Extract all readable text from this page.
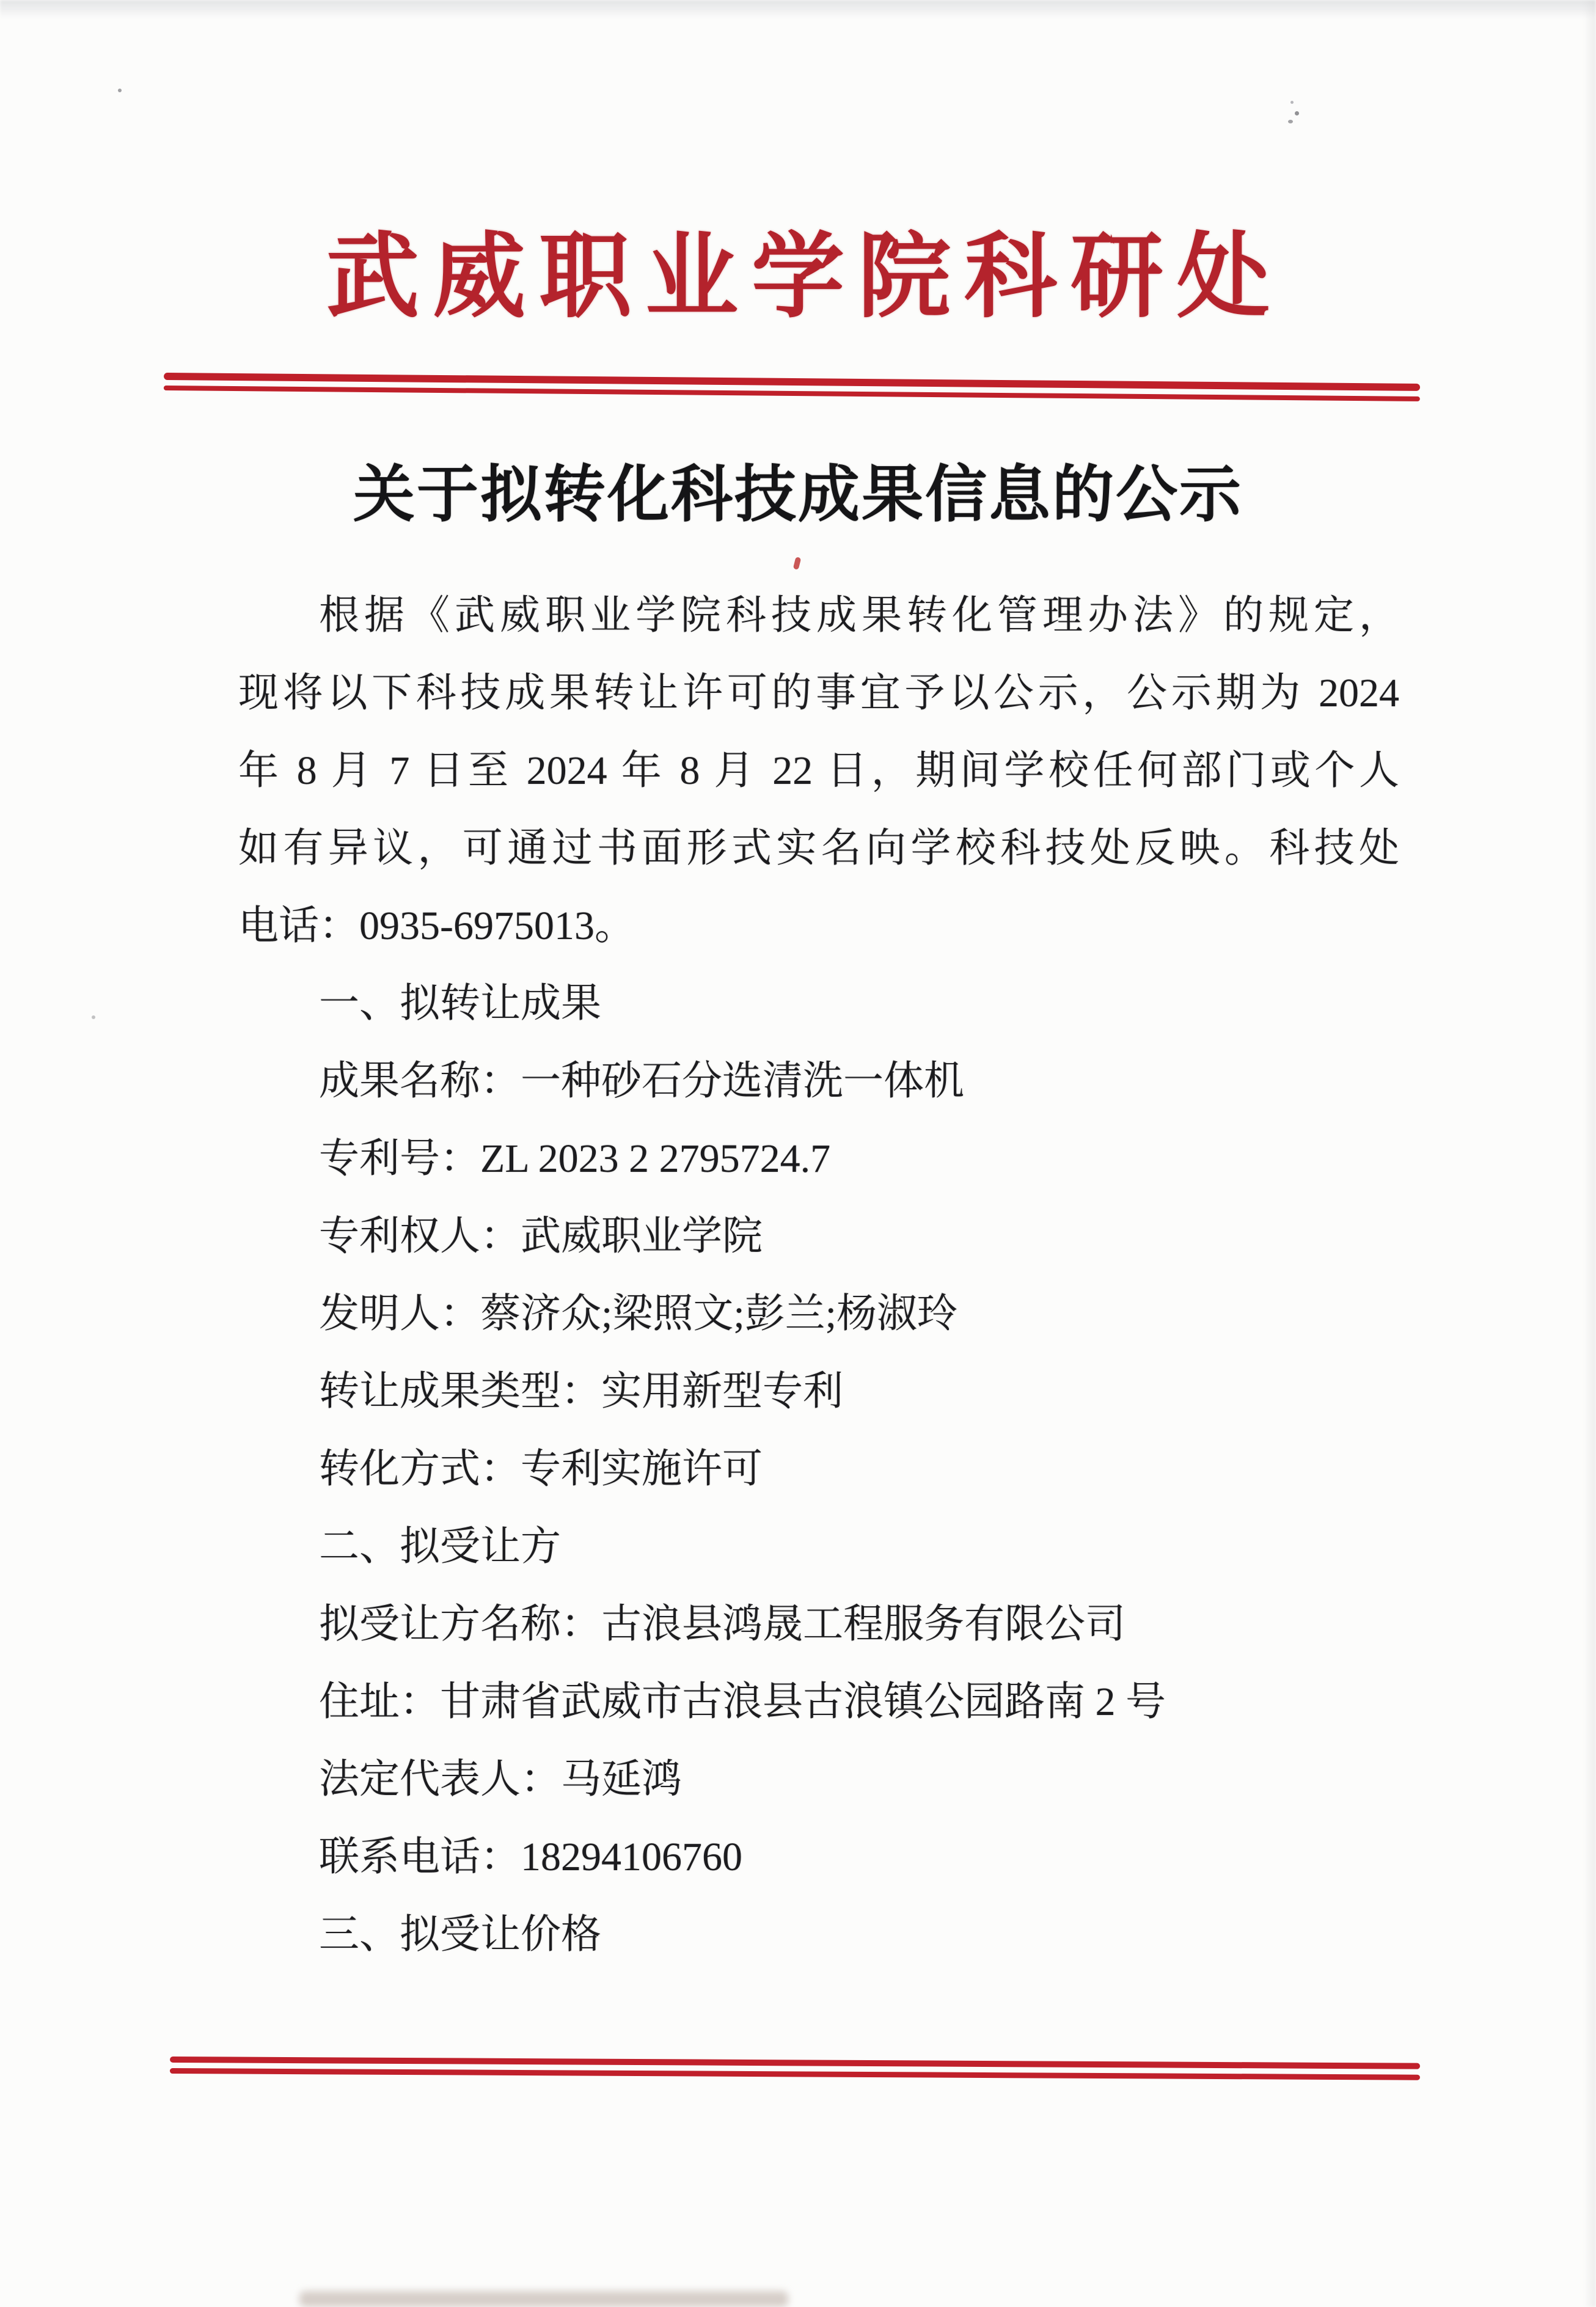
武威职业学院科研处
关于拟转化科技成果信息的公示
根据《武威职业学院科技成果转化管理办法》的规定，
现将以下科技成果转让许可的事宜予以公示，公示期为 2024
年 8 月 7 日至 2024 年 8 月 22 日，期间学校任何部门或个人
如有异议，可通过书面形式实名向学校科技处反映。科技处
电话：0935-6975013。
一、拟转让成果
成果名称：一种砂石分选清洗一体机
专利号：ZL 2023 2 2795724.7
专利权人：武威职业学院
发明人：蔡济众;梁照文;彭兰;杨淑玲
转让成果类型：实用新型专利
转化方式：专利实施许可
二、拟受让方
拟受让方名称：古浪县鸿晟工程服务有限公司
住址：甘肃省武威市古浪县古浪镇公园路南 2 号
法定代表人：马延鸿
联系电话：18294106760
三、拟受让价格
